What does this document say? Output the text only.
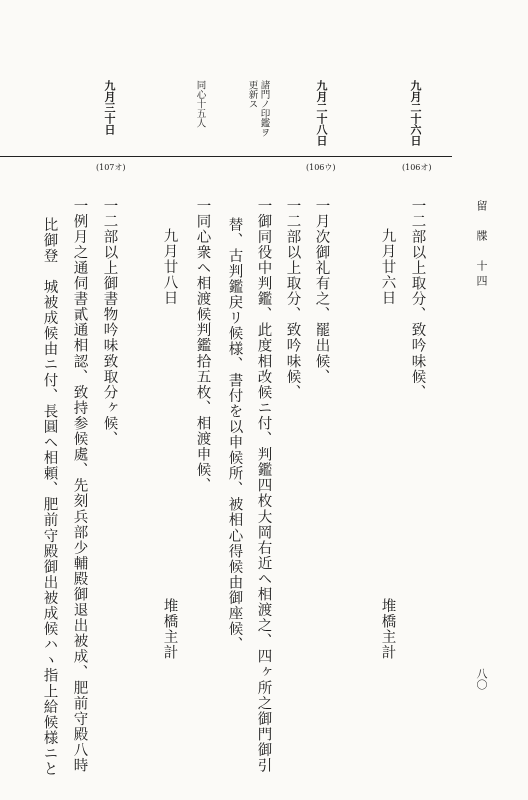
九月二十六日
九月二十八日
九月三十日	諸門ノ印鑑ヲ
更新ス
同心十五人
(106オ)
(106ウ)
(107オ)
留　牒　十四
八〇
一二部以上取分、致吟味候、
九月廿六日
堆橋主計
一月次御礼有之、罷出候、
一二部以上取分、致吟味候、
一御同役中判鑑、此度相改候ニ付、判鑑四枚大岡右近ヘ相渡之、四ヶ所之御門御引
替、古判鑑戻リ候様、書付を以申候所、被相心得候由御座候、
一同心衆ヘ相渡候判鑑拾五枚、相渡申候、
九月廿八日
堆橋主計
一二部以上御書物吟味致取分ヶ候、
一例月之通伺書貳通相認、致持参候處、先刻兵部少輔殿御退出被成、肥前守殿八時
比御登　城被成候由ニ付、長圓ヘ相頼、肥前守殿御出被成候ハヽ指上給候様ニと
